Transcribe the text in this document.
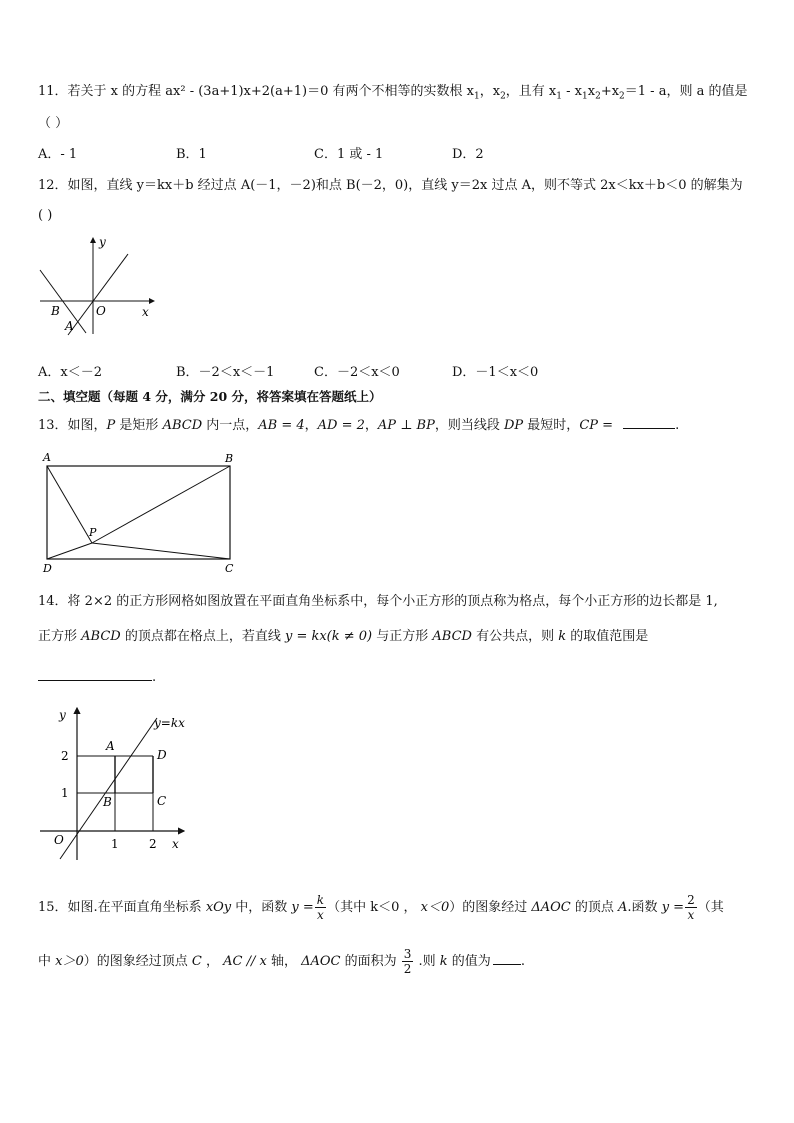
11．若关于 x 的方程 ax² - (3a+1)x+2(a+1)＝0 有两个不相等的实数根 $x_1$，$x_2$，且有 $x_1 - x_1x_2+x_2=1 - a$，则 a 的值是
（ ）
A．- 1	B．1	C．1 或 - 1	D．2
12．如图，直线 y＝kx＋b 经过点 A(－1，－2)和点 B(－2，0)，直线 y＝2x 过点 A，则不等式 2x＜kx＋b＜0 的解集为
( )
y
x
B	O
A
A．x＜－2	B．－2＜x＜－1	C．－2＜x＜0	D．－1＜x＜0
二、填空题（每题 4 分，满分 20 分，将答案填在答题纸上）
13．如图，P 是矩形 ABCD 内一点，AB = 4，AD = 2，AP ⊥ BP，则当线段 DP 最短时，CP =	.
A	B
C
D
P
14．将 2×2 的正方形网格如图放置在平面直角坐标系中，每个小正方形的顶点称为格点，每个小正方形的边长都是 1,
正方形 ABCD 的顶点都在格点上，若直线 y = kx(k ≠ 0) 与正方形 ABCD 有公共点，则 k 的取值范围是
.
y
y=kx
2
1
A
B	C
D
O	1	2 x
15．如图.在平面直角坐标系 xOy 中，函数 $y = \frac{k}{x}$ （其中 k＜0 ， x＜0）的图象经过 ΔAOC 的顶点 A.函数 $y = \frac{2}{x}$ （其
中 x＞0）的图象经过顶点 C ， AC // x 轴， ΔAOC 的面积为 $\frac{3}{2}$ .则 k 的值为 .
